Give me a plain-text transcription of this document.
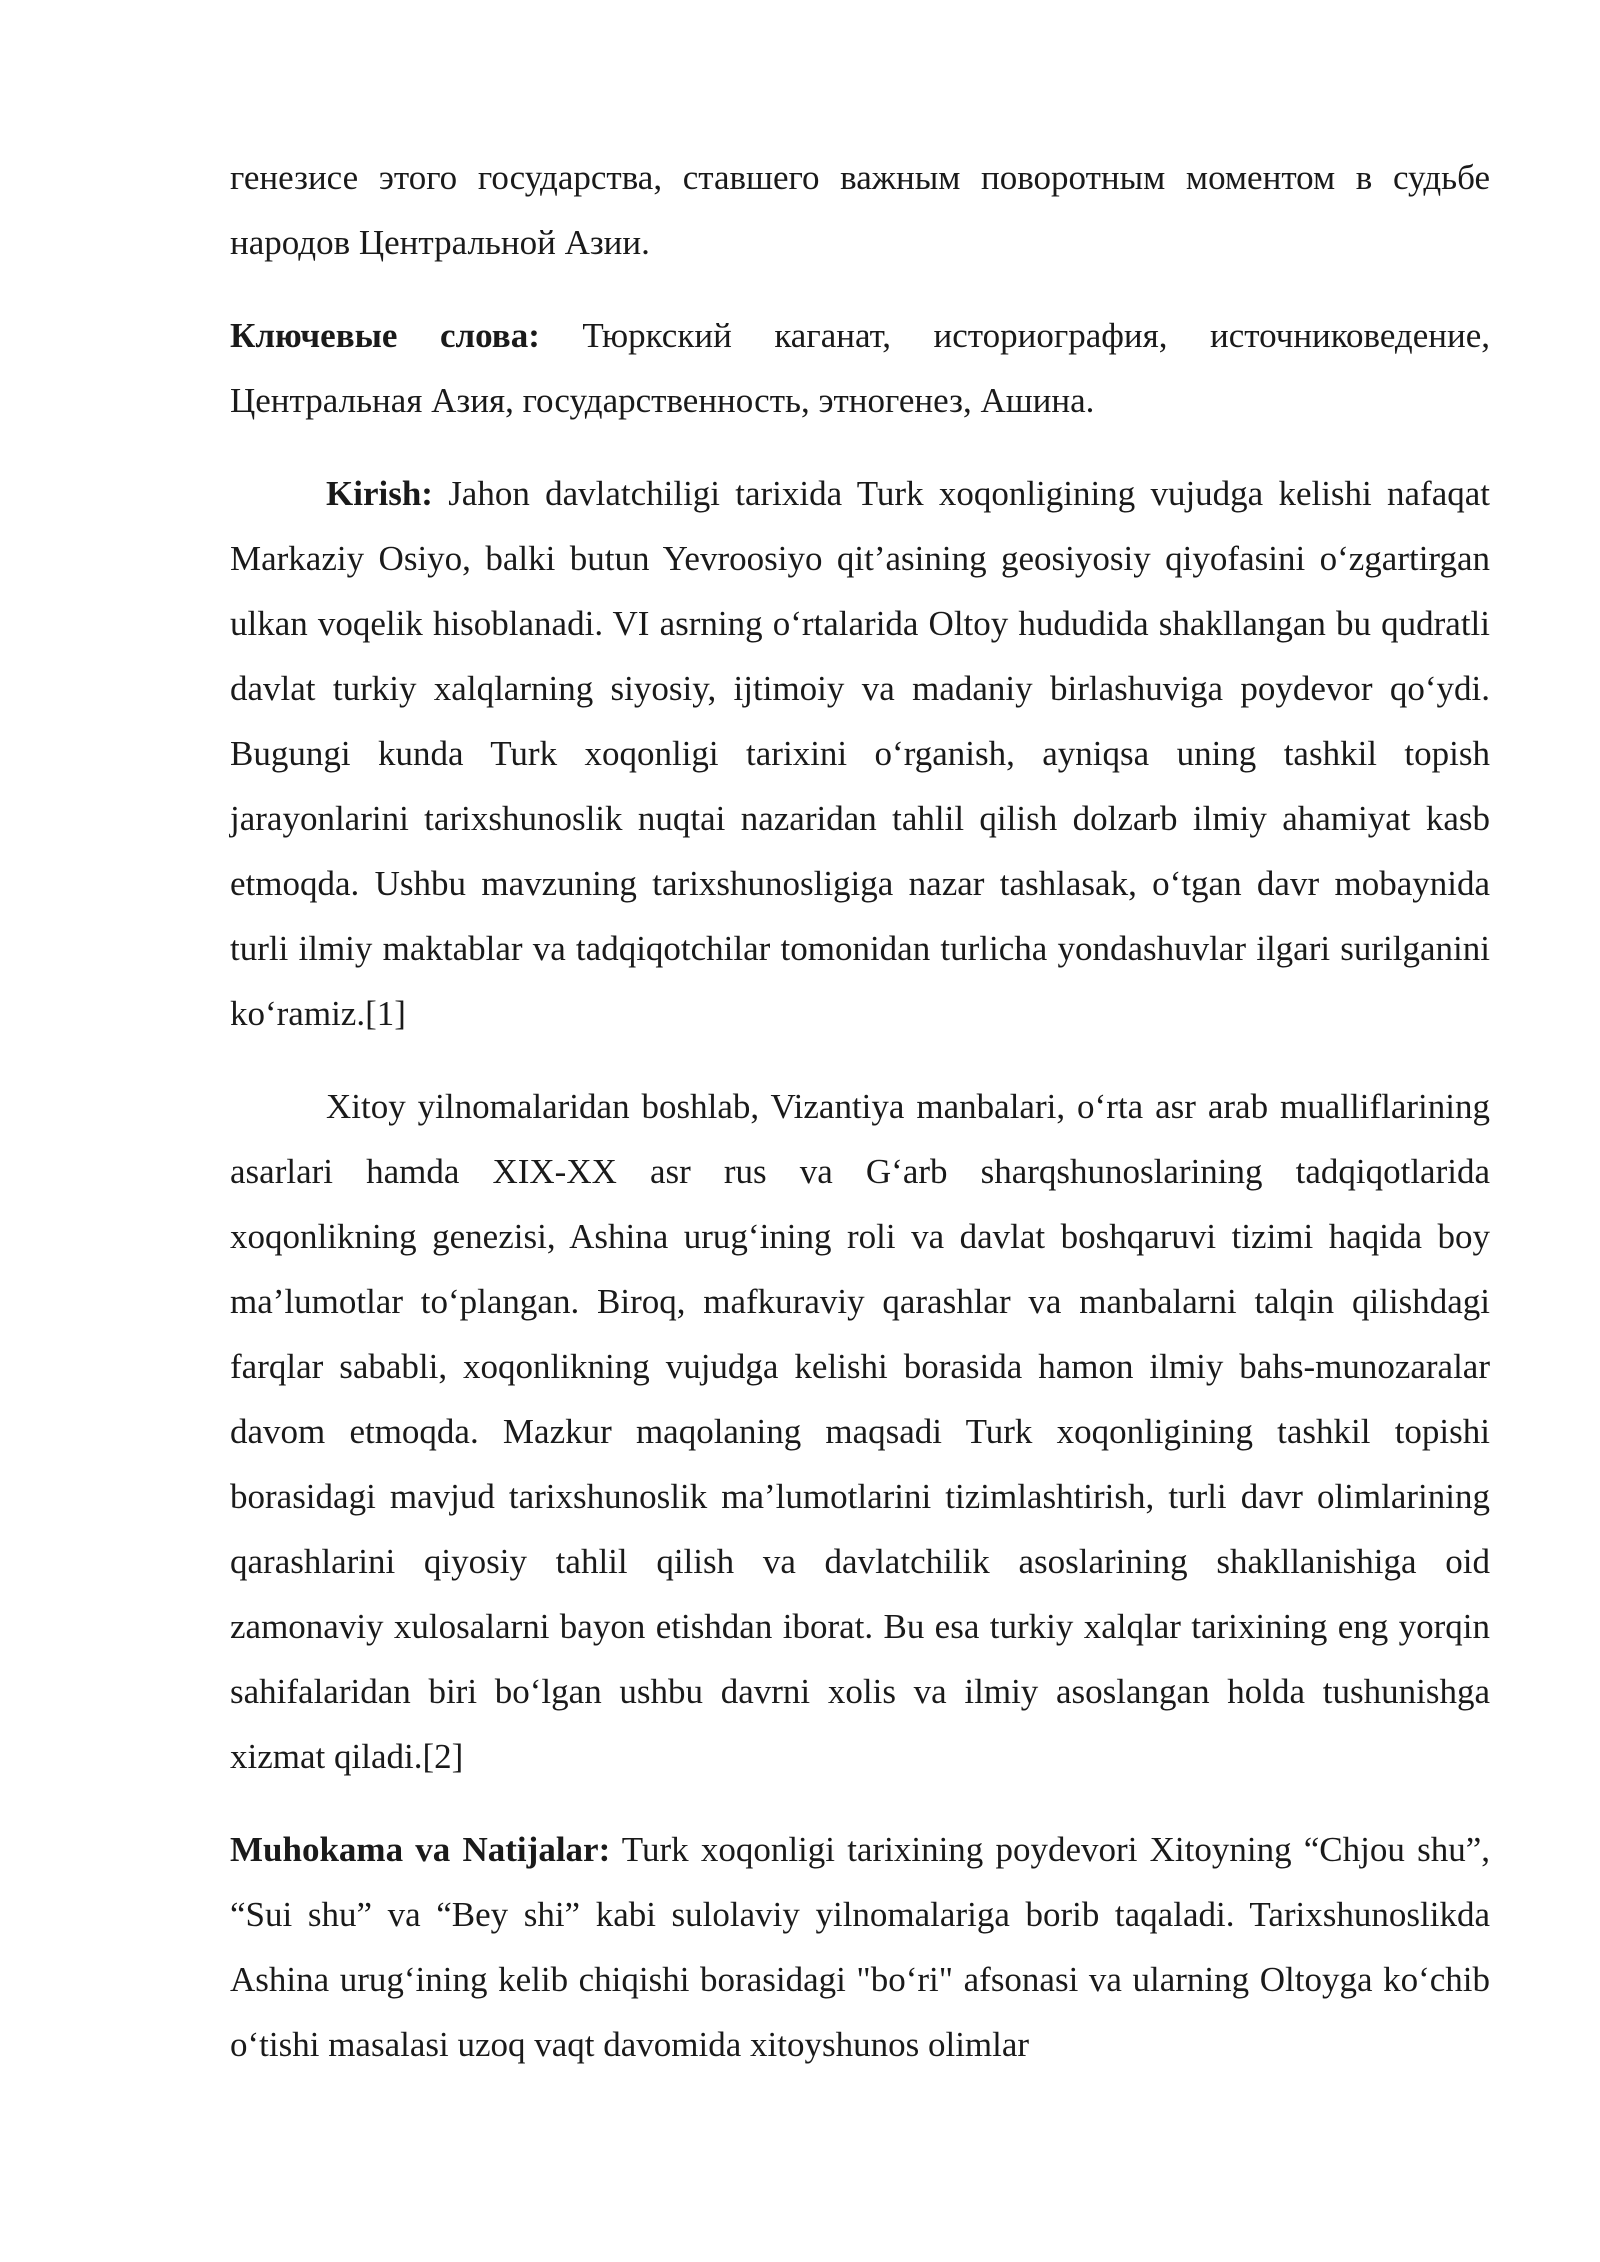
генезисе этого государства, ставшего важным поворотным моментом в судьбе народов Центральной Азии.

Ключевые слова: Тюркский каганат, историография, источниковедение, Центральная Азия, государственность, этногенез, Ашина.

Kirish: Jahon davlatchiligi tarixida Turk xoqonligining vujudga kelishi nafaqat Markaziy Osiyo, balki butun Yevroosiyo qit’asining geosiyosiy qiyofasini o‘zgartirgan ulkan voqelik hisoblanadi. VI asrning o‘rtalarida Oltoy hududida shakllangan bu qudratli davlat turkiy xalqlarning siyosiy, ijtimoiy va madaniy birlashuviga poydevor qo‘ydi. Bugungi kunda Turk xoqonligi tarixini o‘rganish, ayniqsa uning tashkil topish jarayonlarini tarixshunoslik nuqtai nazaridan tahlil qilish dolzarb ilmiy ahamiyat kasb etmoqda. Ushbu mavzuning tarixshunosligiga nazar tashlasak, o‘tgan davr mobaynida turli ilmiy maktablar va tadqiqotchilar tomonidan turlicha yondashuvlar ilgari surilganini ko‘ramiz.[1]

Xitoy yilnomalaridan boshlab, Vizantiya manbalari, o‘rta asr arab mualliflarining asarlari hamda XIX-XX asr rus va G‘arb sharqshunoslarining tadqiqotlarida xoqonlikning genezisi, Ashina urug‘ining roli va davlat boshqaruvi tizimi haqida boy ma’lumotlar to‘plangan. Biroq, mafkuraviy qarashlar va manbalarni talqin qilishdagi farqlar sababli, xoqonlikning vujudga kelishi borasida hamon ilmiy bahs-munozaralar davom etmoqda. Mazkur maqolaning maqsadi Turk xoqonligining tashkil topishi borasidagi mavjud tarixshunoslik ma’lumotlarini tizimlashtirish, turli davr olimlarining qarashlarini qiyosiy tahlil qilish va davlatchilik asoslarining shakllanishiga oid zamonaviy xulosalarni bayon etishdan iborat. Bu esa turkiy xalqlar tarixining eng yorqin sahifalaridan biri bo‘lgan ushbu davrni xolis va ilmiy asoslangan holda tushunishga xizmat qiladi.[2]

Muhokama va Natijalar: Turk xoqonligi tarixining poydevori Xitoyning “Chjou shu”, “Sui shu” va “Bey shi” kabi sulolaviy yilnomalariga borib taqaladi. Tarixshunoslikda Ashina urug‘ining kelib chiqishi borasidagi "bo‘ri" afsonasi va ularning Oltoyga ko‘chib o‘tishi masalasi uzoq vaqt davomida xitoyshunos olimlar
